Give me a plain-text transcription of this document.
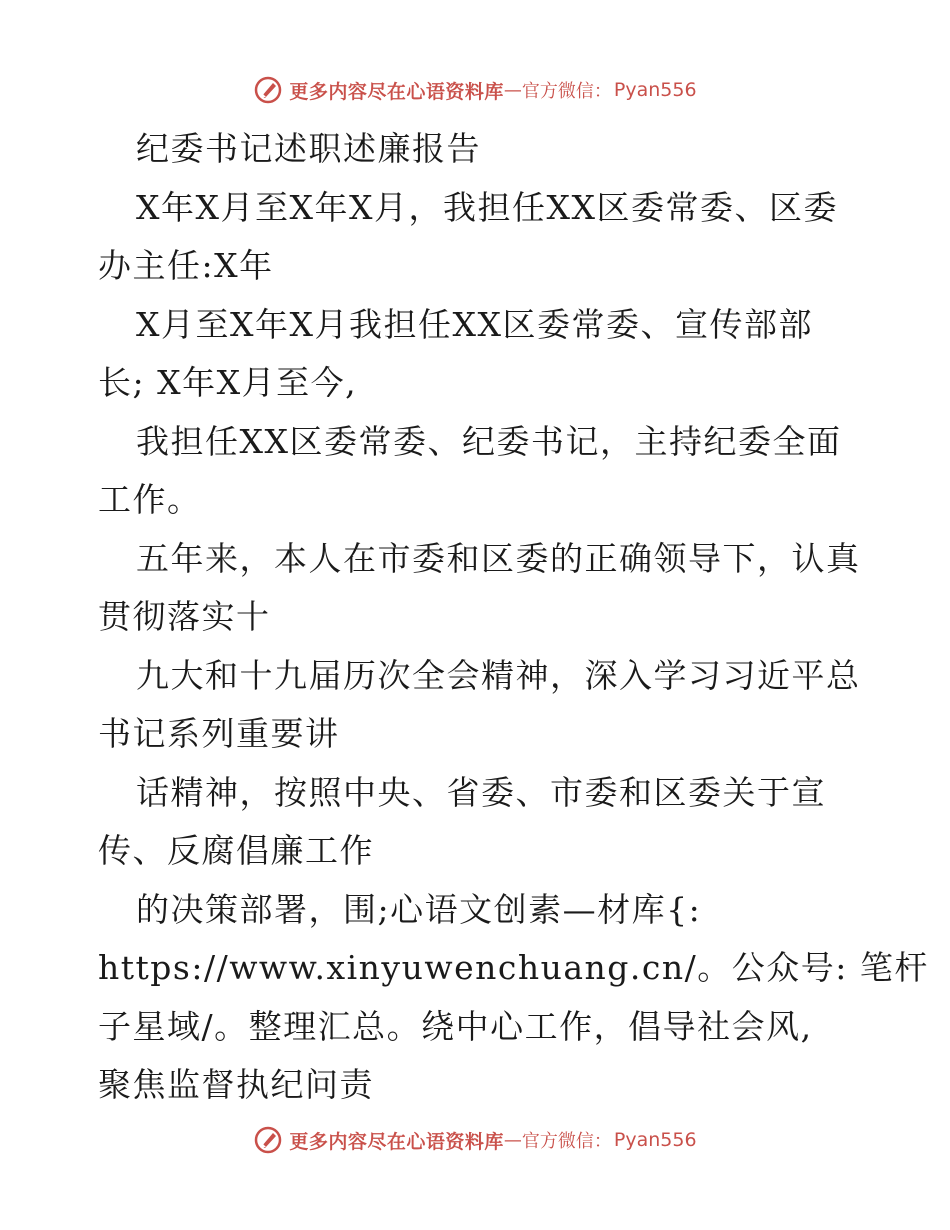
更多内容尽在心语资料库 — 官方微信： Pyan556
纪委书记述职述廉报告
X年X月至X年X月，我担任XX区委常委、区委
办主任:X年
X月至X年X月我担任XX区委常委、宣传部部
长; X年X月至今,
我担任XX区委常委、纪委书记，主持纪委全面
工作。
五年来，本人在市委和区委的正确领导下，认真
贯彻落实十
九大和十九届历次全会精神，深入学习习近平总
书记系列重要讲
话精神，按照中央、省委、市委和区委关于宣
传、反腐倡廉工作
的决策部署，围;心语文创素—材库{:
https://www.xinyuwenchuang.cn/。公众号: 笔杆
子星域/。整理汇总。绕中心工作，倡导社会风,
聚焦监督执纪问责
更多内容尽在心语资料库 — 官方微信： Pyan556
